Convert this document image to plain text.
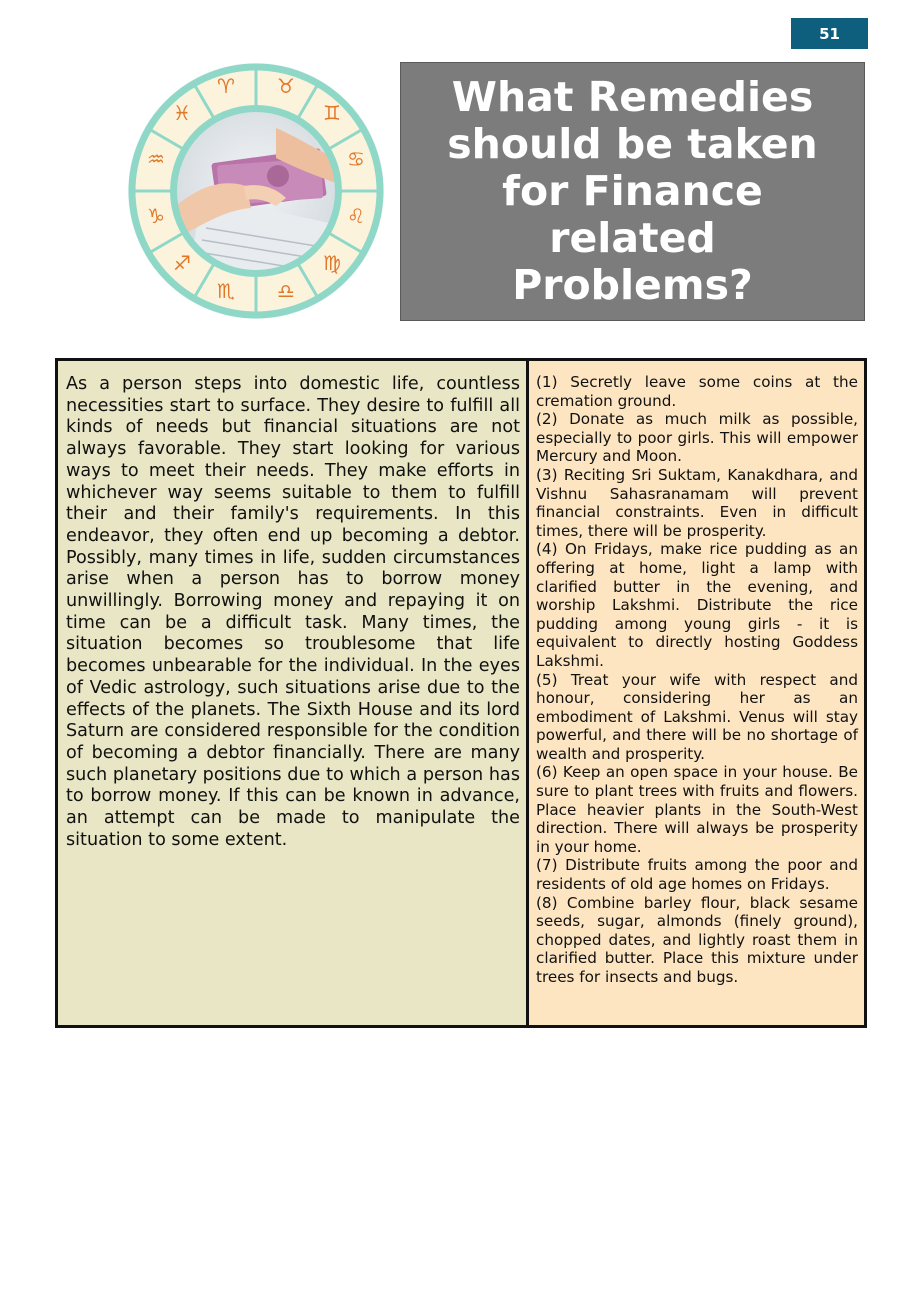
51
♈ ♉
♊
♋
♌
♍
♎
♏
♐
♑
♒
♓	What Remedies should be taken for Finance related Problems?

As a person steps into domestic life, countless necessities start to surface. They desire to fulfill all kinds of needs but financial situations are not always favorable. They start looking for various ways to meet their needs. They make efforts in whichever way seems suitable to them to fulfill their and their family's requirements. In this endeavor, they often end up becoming a debtor. Possibly, many times in life, sudden circumstances arise when a person has to borrow money unwillingly. Borrowing money and repaying it on time can be a difficult task. Many times, the situation becomes so troublesome that life becomes unbearable for the individual. In the eyes of Vedic astrology, such situations arise due to the effects of the planets. The Sixth House and its lord Saturn are considered responsible for the condition of becoming a debtor financially. There are many such planetary positions due to which a person has to borrow money. If this can be known in advance, an attempt can be made to manipulate the situation to some extent.

(1) Secretly leave some coins at the cremation ground.

(2) Donate as much milk as possible, especially to poor girls. This will empower Mercury and Moon.

(3) Reciting Sri Suktam, Kanakdhara, and Vishnu Sahasranamam will prevent financial constraints. Even in difficult times, there will be prosperity.

(4) On Fridays, make rice pudding as an offering at home, light a lamp with clarified butter in the evening, and worship Lakshmi. Distribute the rice pudding among young girls - it is equivalent to directly hosting Goddess Lakshmi.

(5) Treat your wife with respect and honour, considering her as an embodiment of Lakshmi. Venus will stay powerful, and there will be no shortage of wealth and prosperity.

(6) Keep an open space in your house. Be sure to plant trees with fruits and flowers. Place heavier plants in the South-West direction. There will always be prosperity in your home.

(7) Distribute fruits among the poor and residents of old age homes on Fridays.

(8) Combine barley flour, black sesame seeds, sugar, almonds (finely ground), chopped dates, and lightly roast them in clarified butter. Place this mixture under trees for insects and bugs.
